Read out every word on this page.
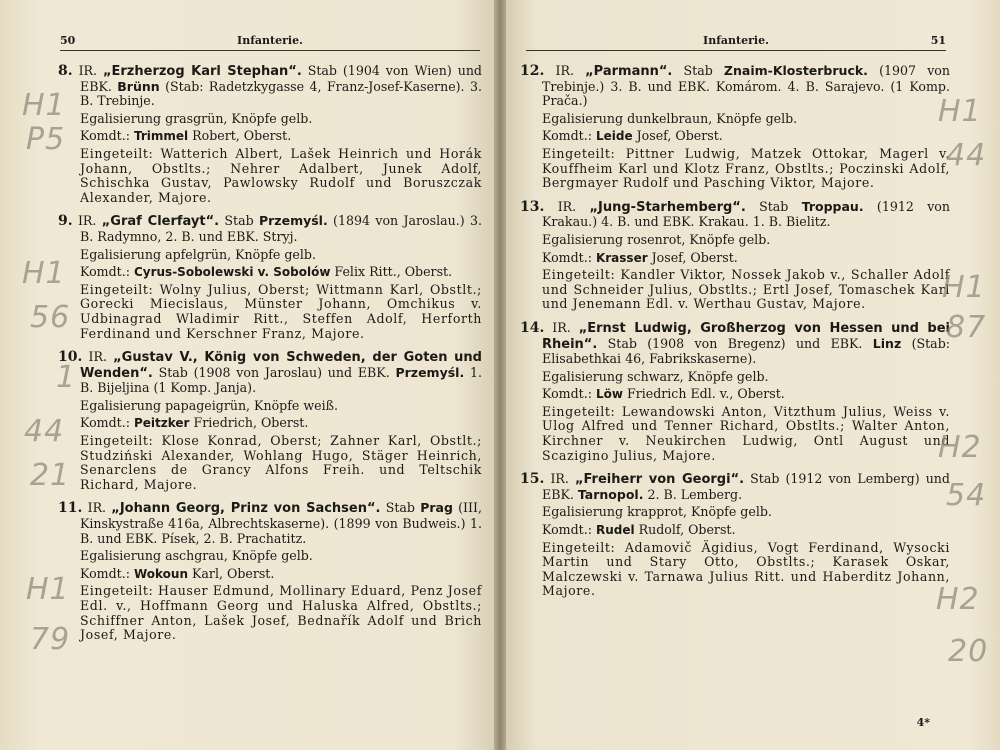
50	Infanterie.
8. IR. „Erzherzog Karl Stephan“. Stab (1904 von Wien) und EBK. Brünn (Stab: Radetzkygasse 4, Franz-Josef-Kaserne). 3. B. Trebinje.
Egalisierung grasgrün, Knöpfe gelb.
Komdt.: Trimmel Robert, Oberst.
Eingeteilt: Watterich Albert, Lašek Heinrich und Horák Johann, Obstlts.; Nehrer Adalbert, Junek Adolf, Schischka Gustav, Pawlowsky Rudolf und Boruszczak Alexander, Majore.
9. IR. „Graf Clerfayt“. Stab Przemyśl. (1894 von Jaroslau.) 3. B. Radymno, 2. B. und EBK. Stryj.
Egalisierung apfelgrün, Knöpfe gelb.
Komdt.: Cyrus-Sobolewski v. Sobolów Felix Ritt., Oberst.
Eingeteilt: Wolny Julius, Oberst; Wittmann Karl, Obstlt.; Gorecki Miecislaus, Münster Johann, Omchikus v. Udbinagrad Wladimir Ritt., Steffen Adolf, Herforth Ferdinand und Kerschner Franz, Majore.
10. IR. „Gustav V., König von Schweden, der Goten und Wenden“. Stab (1908 von Jaroslau) und EBK. Przemyśl. 1. B. Bijeljina (1 Komp. Janja).
Egalisierung papageigrün, Knöpfe weiß.
Komdt.: Peitzker Friedrich, Oberst.
Eingeteilt: Klose Konrad, Oberst; Zahner Karl, Obstlt.; Studziński Alexander, Wohlang Hugo, Stäger Heinrich, Senarclens de Grancy Alfons Freih. und Teltschik Richard, Majore.
11. IR. „Johann Georg, Prinz von Sachsen“. Stab Prag (III, Kinskystraße 416a, Albrechtskaserne). (1899 von Budweis.) 1. B. und EBK. Písek, 2. B. Prachatitz.
Egalisierung aschgrau, Knöpfe gelb.
Komdt.: Wokoun Karl, Oberst.
Eingeteilt: Hauser Edmund, Mollinary Eduard, Penz Josef Edl. v., Hoffmann Georg und Haluska Alfred, Obstlts.; Schiffner Anton, Lašek Josef, Bednařík Adolf und Brich Josef, Majore.
H1
P5
H1
56
1
44
21
H1
79
Infanterie.	51
12. IR. „Parmann“. Stab Znaim-Klosterbruck. (1907 von Trebinje.) 3. B. und EBK. Komárom. 4. B. Sarajevo. (1 Komp. Prača.)
Egalisierung dunkelbraun, Knöpfe gelb.
Komdt.: Leide Josef, Oberst.
Eingeteilt: Pittner Ludwig, Matzek Ottokar, Magerl v. Kouffheim Karl und Klotz Franz, Obstlts.; Poczinski Adolf, Bergmayer Rudolf und Pasching Viktor, Majore.
13. IR. „Jung-Starhemberg“. Stab Troppau. (1912 von Krakau.) 4. B. und EBK. Krakau. 1. B. Bielitz.
Egalisierung rosenrot, Knöpfe gelb.
Komdt.: Krasser Josef, Oberst.
Eingeteilt: Kandler Viktor, Nossek Jakob v., Schaller Adolf und Schneider Julius, Obstlts.; Ertl Josef, Tomaschek Karl und Jenemann Edl. v. Werthau Gustav, Majore.
14. IR. „Ernst Ludwig, Großherzog von Hessen und bei Rhein“. Stab (1908 von Bregenz) und EBK. Linz (Stab: Elisabethkai 46, Fabrikskaserne).
Egalisierung schwarz, Knöpfe gelb.
Komdt.: Löw Friedrich Edl. v., Oberst.
Eingeteilt: Lewandowski Anton, Vitzthum Julius, Weiss v. Ulog Alfred und Tenner Richard, Obstlts.; Walter Anton, Kirchner v. Neukirchen Ludwig, Ontl August und Scazigino Julius, Majore.
15. IR. „Freiherr von Georgi“. Stab (1912 von Lemberg) und EBK. Tarnopol. 2. B. Lemberg.
Egalisierung krapprot, Knöpfe gelb.
Komdt.: Rudel Rudolf, Oberst.
Eingeteilt: Adamovič Ägidius, Vogt Ferdinand, Wysocki Martin und Stary Otto, Obstlts.; Karasek Oskar, Malczewski v. Tarnawa Julius Ritt. und Haberditz Johann, Majore.
4*
H1
44
H1
87
H2
54
H2
20
